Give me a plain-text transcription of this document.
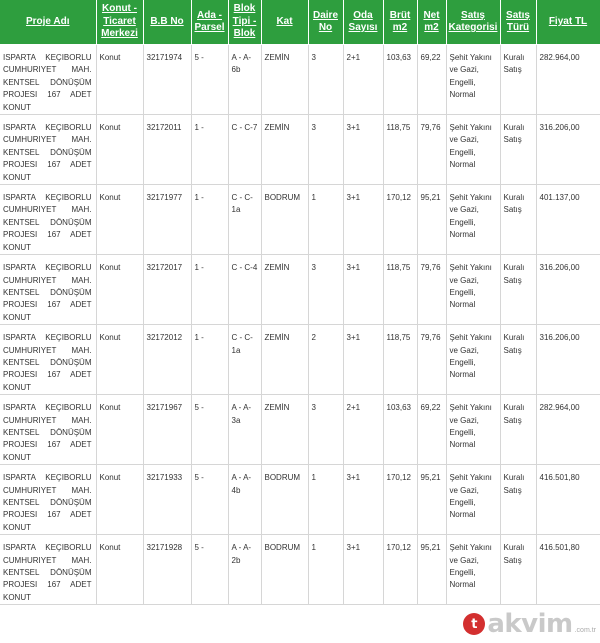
Proje Adı	Konut - Ticaret Merkezi	B.B No	Ada - Parsel	Blok Tipi - Blok	Kat	Daire No	Oda Sayısı	Brüt m2	Net m2	Satış Kategorisi	Satış Türü	Fiyat TL
ISPARTA KEÇIBORLU CUMHURIYET MAH. KENTSEL DÖNÜŞÜM PROJESI 167 ADET KONUT	Konut	32171974	5 -	A - A-6b	ZEMİN	3	2+1	103,63	69,22	Şehit Yakını ve Gazi, Engelli, Normal	Kuralı Satış	282.964,00
ISPARTA KEÇIBORLU CUMHURIYET MAH. KENTSEL DÖNÜŞÜM PROJESI 167 ADET KONUT	Konut	32172011	1 -	C - C-7	ZEMİN	3	3+1	118,75	79,76	Şehit Yakını ve Gazi, Engelli, Normal	Kuralı Satış	316.206,00
ISPARTA KEÇIBORLU CUMHURIYET MAH. KENTSEL DÖNÜŞÜM PROJESI 167 ADET KONUT	Konut	32171977	1 -	C - C-1a	BODRUM	1	3+1	170,12	95,21	Şehit Yakını ve Gazi, Engelli, Normal	Kuralı Satış	401.137,00
ISPARTA KEÇIBORLU CUMHURIYET MAH. KENTSEL DÖNÜŞÜM PROJESI 167 ADET KONUT	Konut	32172017	1 -	C - C-4	ZEMİN	3	3+1	118,75	79,76	Şehit Yakını ve Gazi, Engelli, Normal	Kuralı Satış	316.206,00
ISPARTA KEÇIBORLU CUMHURIYET MAH. KENTSEL DÖNÜŞÜM PROJESI 167 ADET KONUT	Konut	32172012	1 -	C - C-1a	ZEMİN	2	3+1	118,75	79,76	Şehit Yakını ve Gazi, Engelli, Normal	Kuralı Satış	316.206,00
ISPARTA KEÇIBORLU CUMHURIYET MAH. KENTSEL DÖNÜŞÜM PROJESI 167 ADET KONUT	Konut	32171967	5 -	A - A-3a	ZEMİN	3	2+1	103,63	69,22	Şehit Yakını ve Gazi, Engelli, Normal	Kuralı Satış	282.964,00
ISPARTA KEÇIBORLU CUMHURIYET MAH. KENTSEL DÖNÜŞÜM PROJESI 167 ADET KONUT	Konut	32171933	5 -	A - A-4b	BODRUM	1	3+1	170,12	95,21	Şehit Yakını ve Gazi, Engelli, Normal	Kuralı Satış	416.501,80
ISPARTA KEÇIBORLU CUMHURIYET MAH. KENTSEL DÖNÜŞÜM PROJESI 167 ADET KONUT	Konut	32171928	5 -	A - A-2b	BODRUM	1	3+1	170,12	95,21	Şehit Yakını ve Gazi, Engelli, Normal	Kuralı Satış	416.501,80
t akvim .com.tr
